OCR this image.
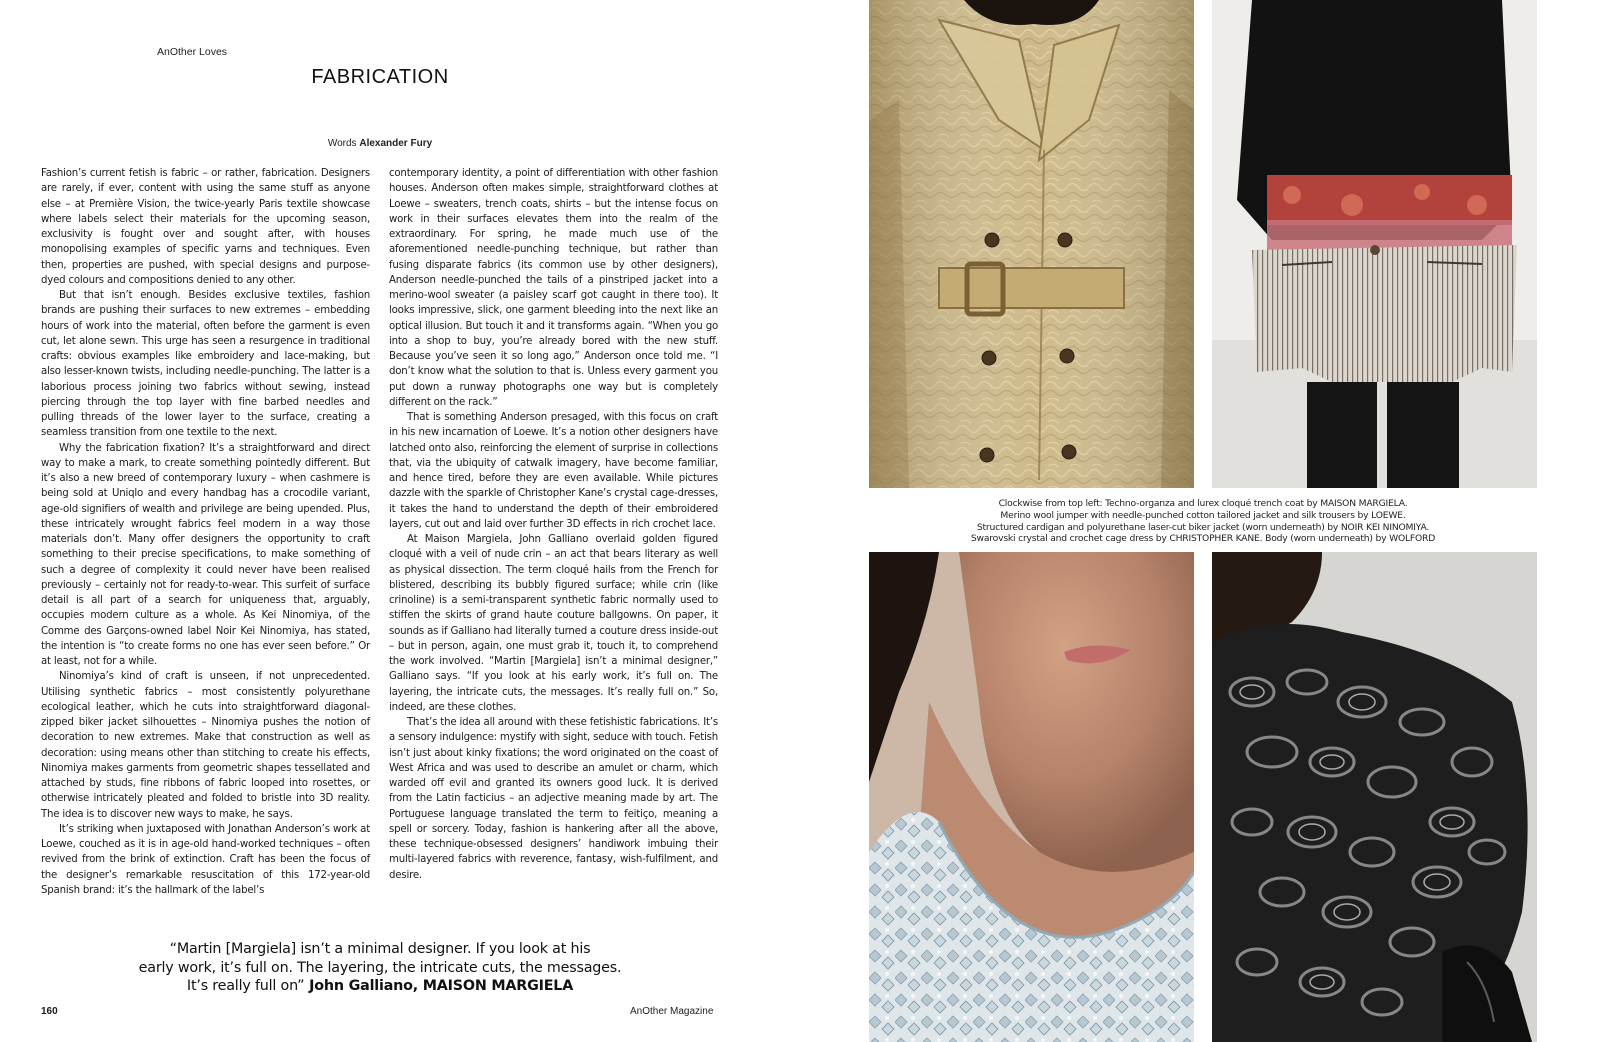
AnOther Loves
FABRICATION
Words Alexander Fury

Fashion’s current fetish is fabric – or rather, fabrication. Designers are rarely, if ever, content with using the same stuff as anyone else – at Première Vision, the twice-yearly Paris textile showcase where labels select their materials for the upcoming season, exclusivity is fought over and sought after, with houses monopolising examples of specific yarns and techniques. Even then, properties are pushed, with special designs and purpose-dyed colours and compositions denied to any other.

But that isn’t enough. Besides exclusive textiles, fashion brands are pushing their surfaces to new extremes – embedding hours of work into the material, often before the garment is even cut, let alone sewn. This urge has seen a resurgence in traditional crafts: obvious examples like embroidery and lace-making, but also lesser-known twists, including needle-punching. The latter is a laborious process joining two fabrics without sewing, instead piercing through the top layer with fine barbed needles and pulling threads of the lower layer to the surface, creating a seamless transition from one textile to the next.

Why the fabrication fixation? It’s a straightforward and direct way to make a mark, to create something pointedly different. But it’s also a new breed of contemporary luxury – when cashmere is being sold at Uniqlo and every handbag has a crocodile variant, age-old signifiers of wealth and privilege are being upended. Plus, these intricately wrought fabrics feel modern in a way those materials don’t. Many offer designers the opportunity to craft something to their precise specifications, to make something of such a degree of complexity it could never have been realised previously – certainly not for ready-to-wear. This surfeit of surface detail is all part of a search for uniqueness that, arguably, occupies modern culture as a whole. As Kei Ninomiya, of the Comme des Garçons-owned label Noir Kei Ninomiya, has stated, the intention is “to create forms no one has ever seen before.” Or at least, not for a while.

Ninomiya’s kind of craft is unseen, if not unprecedented. Utilising synthetic fabrics – most consistently polyurethane ecological leather, which he cuts into straightforward diagonal-zipped biker jacket silhouettes – Ninomiya pushes the notion of decoration to new extremes. Make that construction as well as decoration: using means other than stitching to create his effects, Ninomiya makes garments from geometric shapes tessellated and attached by studs, fine ribbons of fabric looped into rosettes, or otherwise intricately pleated and folded to bristle into 3D reality. The idea is to discover new ways to make, he says.

It’s striking when juxtaposed with Jonathan Anderson’s work at Loewe, couched as it is in age-old hand-worked techniques – often revived from the brink of extinction. Craft has been the focus of the designer’s remarkable resuscitation of this 172-year-old Spanish brand: it’s the hallmark of the label’s

contemporary identity, a point of differentiation with other fashion houses. Anderson often makes simple, straightforward clothes at Loewe – sweaters, trench coats, shirts – but the intense focus on work in their surfaces elevates them into the realm of the extraordinary. For spring, he made much use of the aforementioned needle-punching technique, but rather than fusing disparate fabrics (its common use by other designers), Anderson needle-punched the tails of a pinstriped jacket into a merino-wool sweater (a paisley scarf got caught in there too). It looks impressive, slick, one garment bleeding into the next like an optical illusion. But touch it and it transforms again. “When you go into a shop to buy, you’re already bored with the new stuff. Because you’ve seen it so long ago,” Anderson once told me. “I don’t know what the solution to that is. Unless every garment you put down a runway photographs one way but is completely different on the rack.”

That is something Anderson presaged, with this focus on craft in his new incarnation of Loewe. It’s a notion other designers have latched onto also, reinforcing the element of surprise in collections that, via the ubiquity of catwalk imagery, have become familiar, and hence tired, before they are even available. While pictures dazzle with the sparkle of Christopher Kane’s crystal cage-dresses, it takes the hand to understand the depth of their embroidered layers, cut out and laid over further 3D effects in rich crochet lace.

At Maison Margiela, John Galliano overlaid golden figured cloqué with a veil of nude crin – an act that bears literary as well as physical dissection. The term cloqué hails from the French for blistered, describing its bubbly figured surface; while crin (like crinoline) is a semi-transparent synthetic fabric normally used to stiffen the skirts of grand haute couture ballgowns. On paper, it sounds as if Galliano had literally turned a couture dress inside-out – but in person, again, one must grab it, touch it, to comprehend the work involved. “Martin [Margiela] isn’t a minimal designer,” Galliano says. “If you look at his early work, it’s full on. The layering, the intricate cuts, the messages. It’s really full on.” So, indeed, are these clothes.

That’s the idea all around with these fetishistic fabrications. It’s a sensory indulgence: mystify with sight, seduce with touch. Fetish isn’t just about kinky fixations; the word originated on the coast of West Africa and was used to describe an amulet or charm, which warded off evil and granted its owners good luck. It is derived from the Latin facticius – an adjective meaning made by art. The Portuguese language translated the term to feitiço, meaning a spell or sorcery. Today, fashion is hankering after all the above, these technique-obsessed designers’ handiwork imbuing their multi-layered fabrics with reverence, fantasy, wish-fulfilment, and desire.

“Martin [Margiela] isn’t a minimal designer. If you look at his
early work, it’s full on. The layering, the intricate cuts, the messages.
It’s really full on” John Galliano, MAISON MARGIELA
160	AnOther Magazine
Clockwise from top left: Techno-organza and lurex cloqué trench coat by MAISON MARGIELA.
Merino wool jumper with needle-punched cotton tailored jacket and silk trousers by LOEWE.
Structured cardigan and polyurethane laser-cut biker jacket (worn underneath) by NOIR KEI NINOMIYA.
Swarovski crystal and crochet cage dress by CHRISTOPHER KANE. Body (worn underneath) by WOLFORD
